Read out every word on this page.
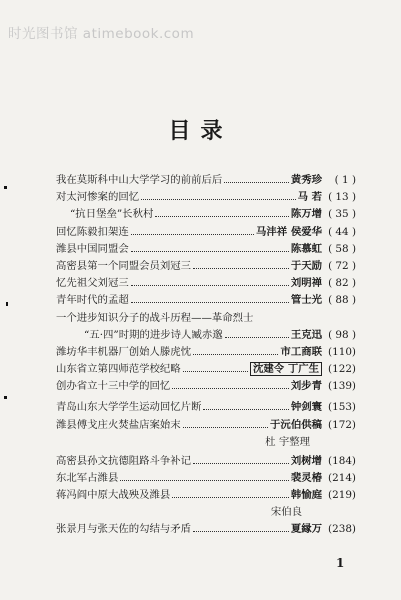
时光图书馆 atimebook.com
目录
我在莫斯科中山大学学习的前前后后	黄秀珍	( 1 )
对太河惨案的回忆	马 若 ( 13 )
“抗日堡垒”长秋村	陈万增 ( 35 )
回忆陈毅扣架连	马沣祥 侯爱华 ( 44 )
潍县中国同盟会	陈慕虹 ( 58 )
高密县第一个同盟会员刘冠三	于天励 ( 72 )
忆先祖父刘冠三	刘明禅 ( 82 )
青年时代的孟超	管士光 ( 88 )
一个进步知识分子的战斗历程——革命烈士
“五·四”时期的进步诗人臧赤邈	王克迅 ( 98 )
潍坊华丰机器厂创始人滕虎忱	市工商联 (110)
山东省立第四师范学校纪略	沈建令 丁广生 (122)
创办省立十三中学的回忆	刘步青 (139)
青岛山东大学学生运动回忆片断	钟剑寰 (153)
潍县傅戈庄火焚盐店案始末	于沅伯供稿 (172)
杜 宇整理
高密县孙文抗德阻路斗争补记	刘树增 (184)
东北军占潍县	裴灵椿 (214)
蒋冯阎中原大战殃及潍县	韩愉庭 (219)
宋伯良
张景月与张天佐的勾结与矛盾	夏縁万 (238)
1
